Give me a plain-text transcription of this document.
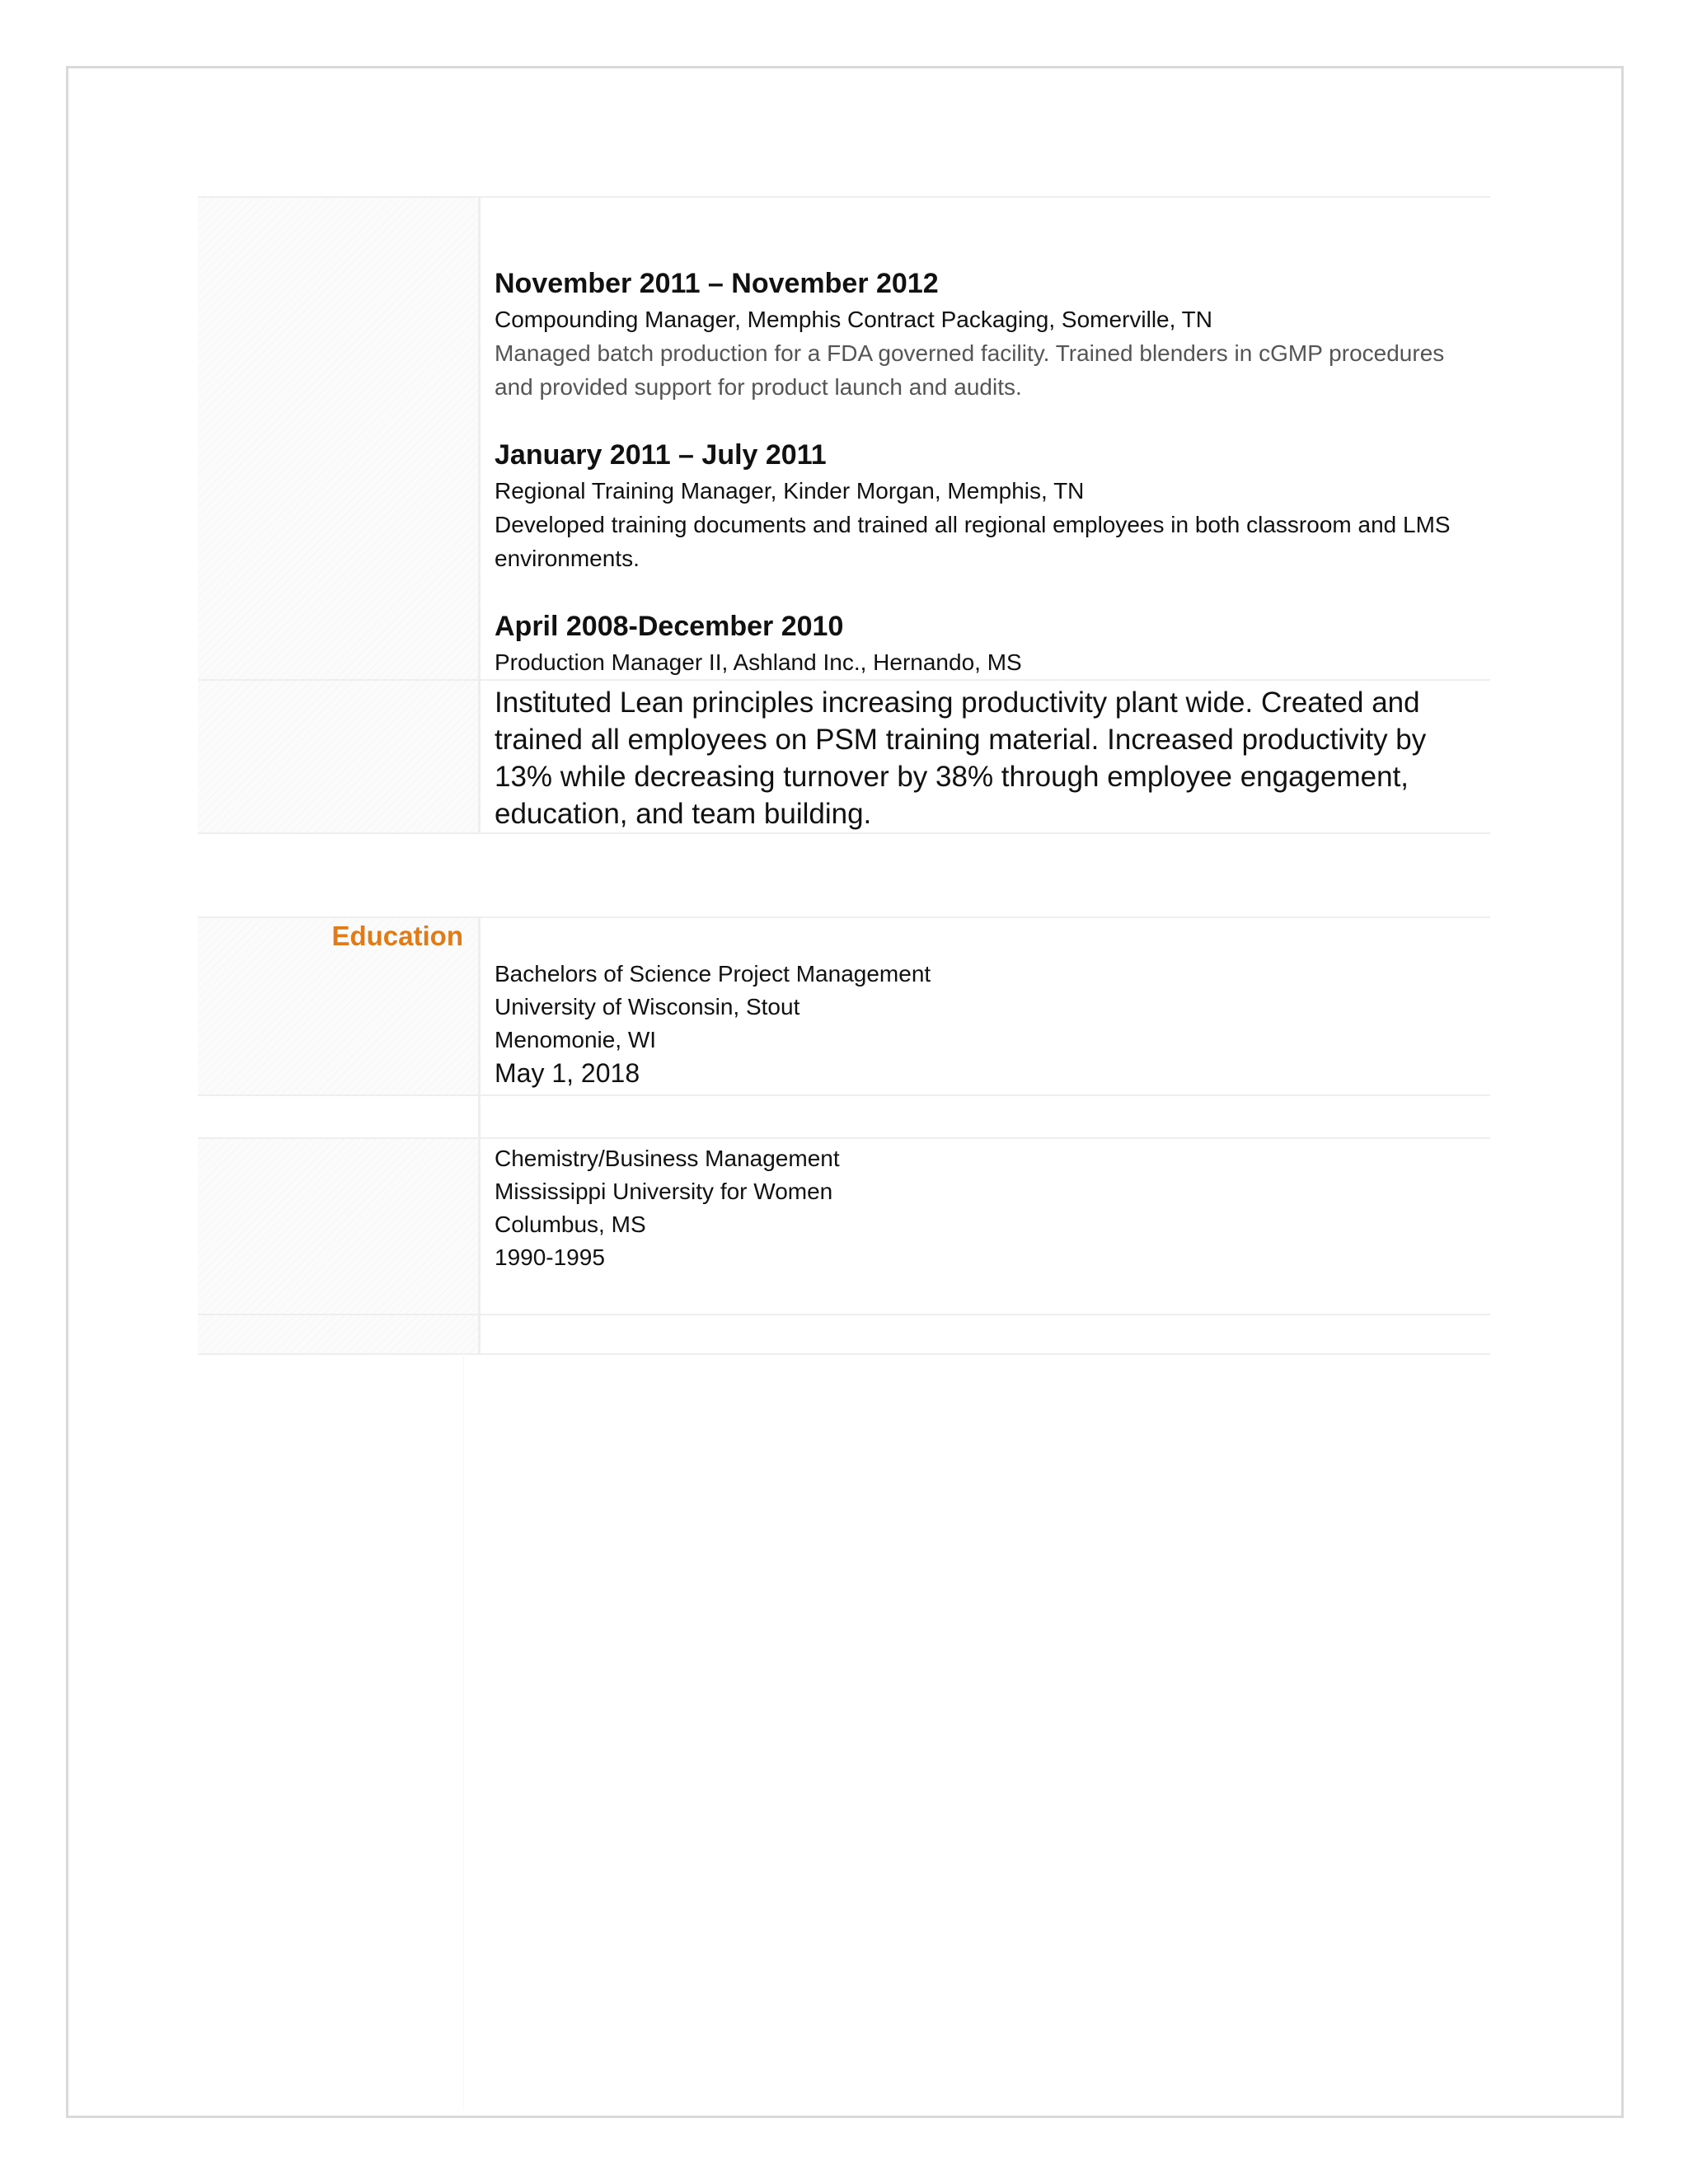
November 2011 – November 2012
Compounding Manager, Memphis Contract Packaging, Somerville, TN
Managed batch production for a FDA governed facility. Trained blenders in cGMP procedures and provided support for product launch and audits.
January 2011 – July 2011
Regional Training Manager, Kinder Morgan, Memphis, TN
Developed training documents and trained all regional employees in both classroom and LMS environments.
April 2008-December 2010
Production Manager II, Ashland Inc., Hernando, MS
Instituted Lean principles increasing productivity plant wide. Created and trained all employees on PSM training material. Increased productivity by 13% while decreasing turnover by 38% through employee engagement, education, and team building.
Education
Bachelors of Science Project Management
University of Wisconsin, Stout
Menomonie, WI
May 1, 2018
Chemistry/Business Management
Mississippi University for Women
Columbus, MS
1990-1995
